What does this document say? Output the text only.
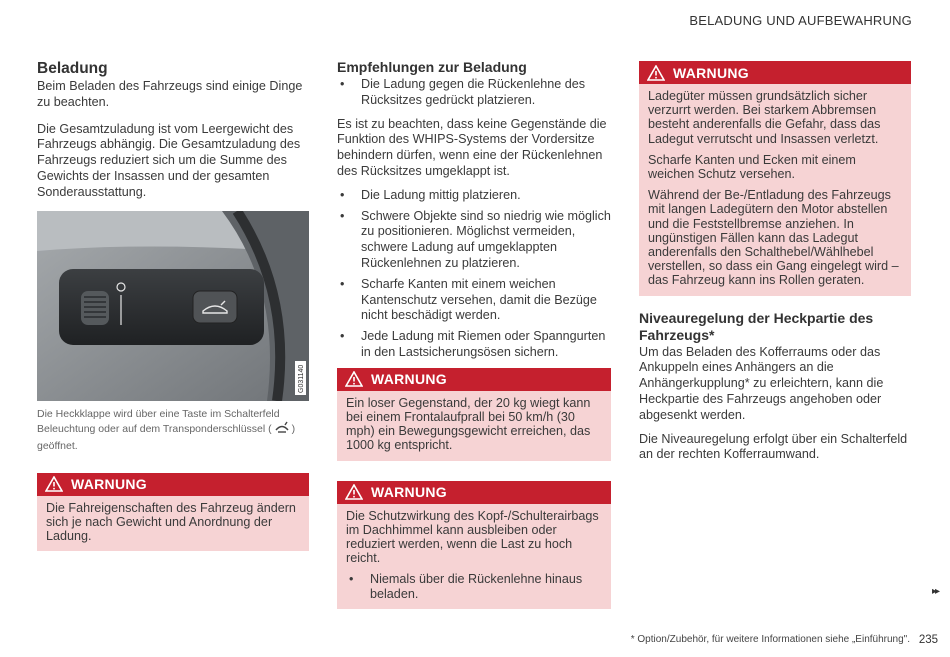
BELADUNG UND AUFBEWAHRUNG
Beladung

Beim Beladen des Fahrzeugs sind einige Dinge zu beachten.

Die Gesamtzuladung ist vom Leergewicht des Fahrzeugs abhängig. Die Gesamtzuladung des Fahrzeugs reduziert sich um die Summe des Gewichts der Insassen und der gesamten Sonderausstattung.

G031140
Die Heckklappe wird über eine Taste im Schalterfeld Beleuchtung oder auf dem Transponderschlüssel ( ) geöffnet.
WARNUNG

Die Fahreigenschaften des Fahrzeug ändern sich je nach Gewicht und Anordnung der Ladung.

Empfehlungen zur Beladung
• Die Ladung gegen die Rückenlehne des Rücksitzes gedrückt platzieren.

Es ist zu beachten, dass keine Gegenstände die Funktion des WHIPS-Systems der Vordersitze behindern dürfen, wenn eine der Rückenlehnen des Rücksitzes umgeklappt ist.

• Die Ladung mittig platzieren.
• Schwere Objekte sind so niedrig wie möglich zu positionieren. Möglichst vermeiden, schwere Ladung auf umgeklappten Rückenlehnen zu platzieren.
• Scharfe Kanten mit einem weichen Kantenschutz versehen, damit die Bezüge nicht beschädigt werden.
• Jede Ladung mit Riemen oder Spanngurten in den Lastsicherungsösen sichern.
WARNUNG

Ein loser Gegenstand, der 20 kg wiegt kann bei einem Frontalaufprall bei 50 km/h (30 mph) ein Bewegungsgewicht erreichen, das 1000 kg entspricht.

WARNUNG

Die Schutzwirkung des Kopf-/Schulterairbags im Dachhimmel kann ausbleiben oder reduziert werden, wenn die Last zu hoch reicht.

• Niemals über die Rückenlehne hinaus beladen.
WARNUNG

Ladegüter müssen grundsätzlich sicher verzurrt werden. Bei starkem Abbremsen besteht anderenfalls die Gefahr, dass das Ladegut verrutscht und Insassen verletzt.

Scharfe Kanten und Ecken mit einem weichen Schutz versehen.

Während der Be-/Entladung des Fahrzeugs mit langen Ladegütern den Motor abstellen und die Feststellbremse anziehen. In ungünstigen Fällen kann das Ladegut anderenfalls den Schalthebel/Wählhebel verstellen, so dass ein Gang eingelegt wird – das Fahrzeug kann ins Rollen geraten.

Niveauregelung der Heckpartie des Fahrzeugs*

Um das Beladen des Kofferraums oder das Ankuppeln eines Anhängers an die Anhängerkupplung* zu erleichtern, kann die Heckpartie des Fahrzeugs angehoben oder abgesenkt werden.

Die Niveauregelung erfolgt über ein Schalterfeld an der rechten Kofferraumwand.

▸▸
* Option/Zubehör, für weitere Informationen siehe „Einführung". 235
